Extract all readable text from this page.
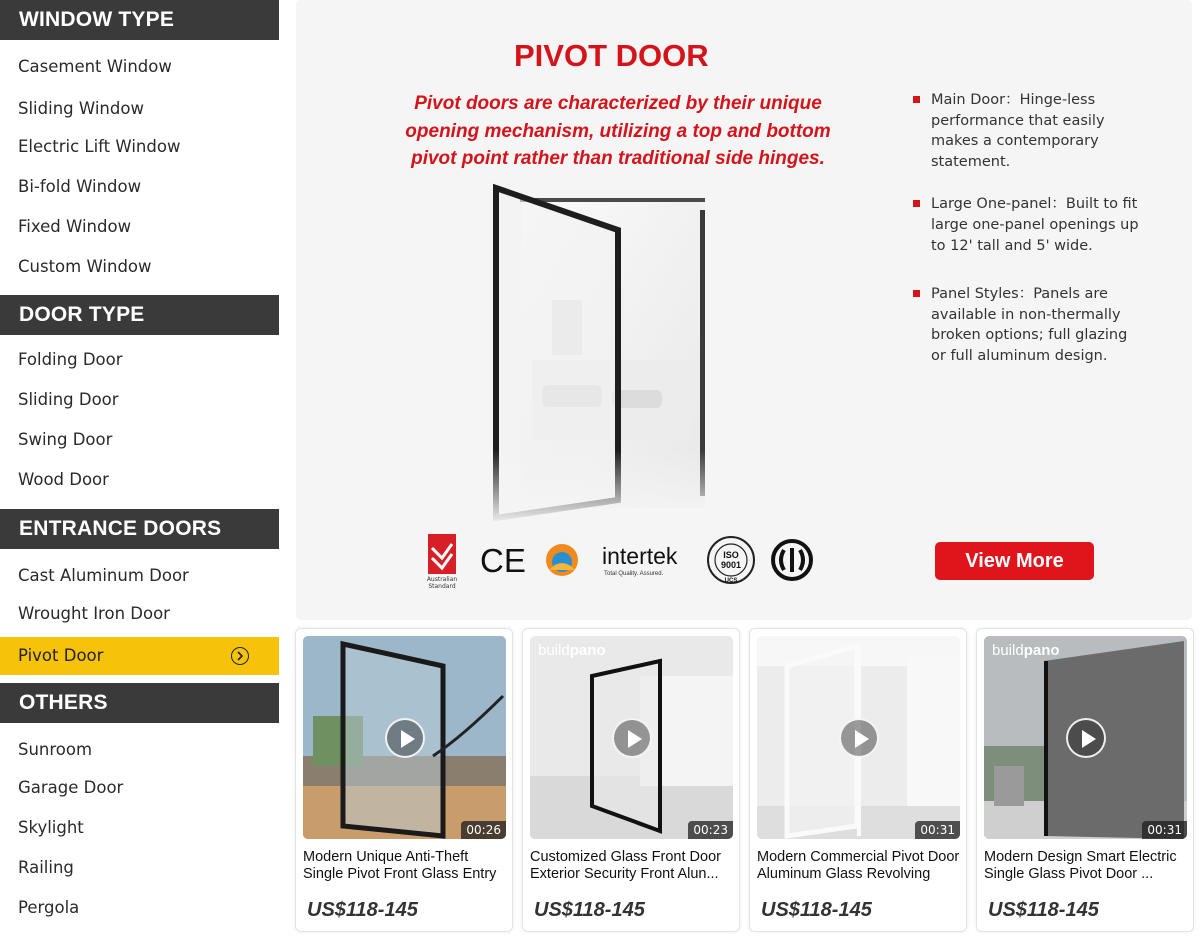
WINDOW TYPE
Casement Window
Sliding Window
Electric Lift Window
Bi-fold Window
Fixed Window
Custom Window
DOOR TYPE
Folding Door
Sliding Door
Swing Door
Wood Door
ENTRANCE DOORS
Cast Aluminum Door
Wrought Iron Door
Pivot Door
OTHERS
Sunroom
Garage Door
Skylight
Railing
Pergola
PIVOT DOOR
Pivot doors are characterized by their unique opening mechanism, utilizing a top and bottom pivot point rather than traditional side hinges.
Main Door：Hinge-less performance that easily makes a contemporary statement.
Large One-panel：Built to fit large one-panel openings up to 12' tall and 5' wide.
Panel Styles：Panels are available in non-thermally broken options; full glazing or full aluminum design.
Australian
Standard
CE	intertek
Total Quality. Assured.
ISO
9001
UCS
View More
00:26
Modern Unique Anti-Theft Single Pivot Front Glass Entry
US$118-145
buildpano
00:23
Customized Glass Front Door Exterior Security Front Alun...
US$118-145
00:31
Modern Commercial Pivot Door Aluminum Glass Revolving
US$118-145
buildpano
00:31
Modern Design Smart Electric Single Glass Pivot Door ...
US$118-145
